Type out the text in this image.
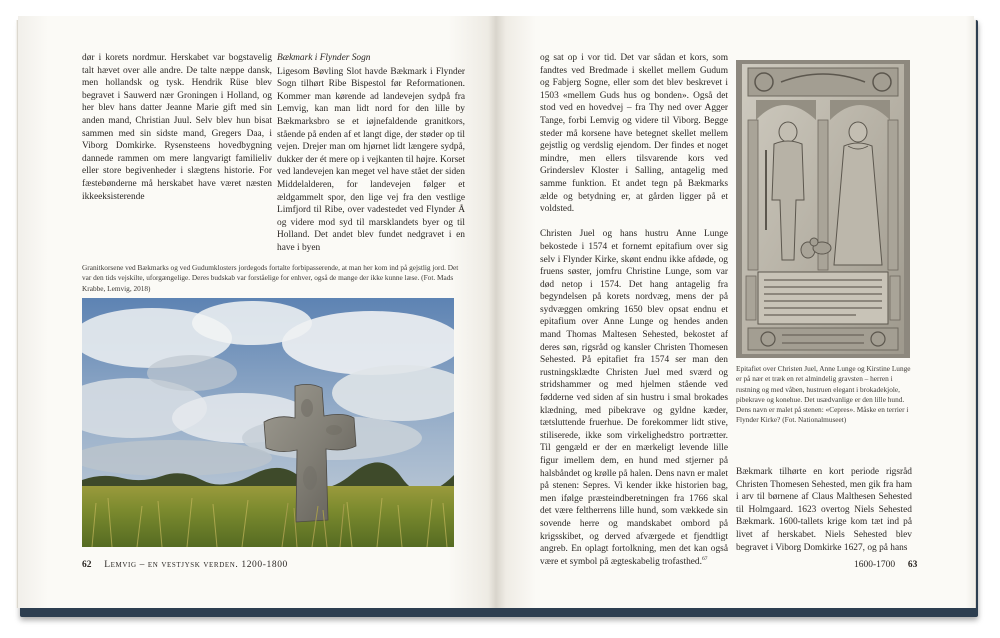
dør i korets nordmur. Herskabet var bogstavelig talt hævet over alle andre. De talte næppe dansk, men hollandsk og tysk. Hendrik Rüse blev begravet i Sauwerd nær Groningen i Holland, og her blev hans datter Jeanne Marie gift med sin anden mand, Christian Juul. Selv blev hun bisat sammen med sin sidste mand, Gregers Daa, i Viborg Domkirke. Rysensteens hovedbygning dannede rammen om mere langvarigt familieliv eller store begivenheder i slægtens historie. For fæstebønderne må herskabet have været næsten ikkeeksisterende

Bækmark i Flynder Sogn
Ligesom Bøvling Slot havde Bækmark i Flynder Sogn tilhørt Ribe Bispestol før Reformationen. Kommer man kørende ad landevejen sydpå fra Lemvig, kan man lidt nord for den lille by Bækmarksbro se et iøjnefaldende granitkors, stående på enden af et langt dige, der støder op til vejen. Drejer man om hjørnet lidt længere sydpå, dukker der ét mere op i vejkanten til højre. Korset ved landevejen kan meget vel have stået der siden Middelalderen, for landevejen følger et ældgammelt spor, den lige vej fra den vestlige Limfjord til Ribe, over vadestedet ved Flynder Å og videre mod syd til marsklandets byer og til Holland. Det andet blev fundet nedgravet i en have i byen

Granitkorsene ved Bækmarks og ved Gudumklosters jordegods fortalte forbipasserende, at man her kom ind på gejstlig jord. Det var den tids vejskilte, uforgængelige. Deres budskab var forståelige for enhver, også de mange der ikke kunne læse. (Fot. Mads Krabbe, Lemvig, 2018)

62 Lemvig – en vestjysk verden. 1200-1800

og sat op i vor tid. Det var sådan et kors, som fandtes ved Bredmade i skellet mellem Gudum og Fabjerg Sogne, eller som det blev beskrevet i 1503 «mellem Guds hus og bonden». Også det stod ved en hovedvej – fra Thy ned over Agger Tange, forbi Lemvig og videre til Viborg. Begge steder må korsene have betegnet skellet mellem gejstlig og verdslig ejendom. Der findes et noget mindre, men ellers tilsvarende kors ved Grinderslev Kloster i Salling, antagelig med samme funktion. Et andet tegn på Bækmarks ælde og betydning er, at gården ligger på et voldsted.

Christen Juel og hans hustru Anne Lunge bekostede i 1574 et fornemt epitafium over sig selv i Flynder Kirke, skønt endnu ikke afdøde, og fruens søster, jomfru Christine Lunge, som var død netop i 1574. Det hang antagelig fra begyndelsen på korets nordvæg, mens der på sydvæggen omkring 1650 blev opsat endnu et epitafium over Anne Lunge og hendes anden mand Thomas Maltesen Sehested, bekostet af deres søn, rigsråd og kansler Christen Thomesen Sehested. På epitafiet fra 1574 ser man den rustningsklædte Christen Juel med sværd og stridshammer og med hjelmen stående ved fødderne ved siden af sin hustru i smal brokades klædning, med pibekrave og gyldne kæder, tætsluttende fruerhue. De forekommer lidt stive, stiliserede, ikke som virkelighedstro portrætter. Til gengæld er der en mærkeligt levende lille figur imellem dem, en hund med stjerner på halsbåndet og krølle på halen. Dens navn er malet på stenen: Sepres. Vi kender ikke historien bag, men ifølge præsteindberetningen fra 1766 skal det være feltherrens lille hund, som vækkede sin sovende herre og mandskabet ombord på krigsskibet, og derved afværgede et fjendtligt angreb. En oplagt fortolkning, men det kan også være et symbol på ægteskabelig trofasthed.$^{67}$

Epitafiet over Christen Juel, Anne Lunge og Kirstine Lunge er på nær et træk en ret almindelig gravsten – herren i rustning og med våben, hustruen elegant i brokadekjole, pibekrave og konehue. Det usædvanlige er den lille hund. Dens navn er malet på stenen: «Cepres». Måske en terrier i Flynder Kirke? (Fot. Nationalmuseet)

Bækmark tilhørte en kort periode rigsråd Christen Thomesen Sehested, men gik fra ham i arv til børnene af Claus Malthesen Sehested til Holmgaard. 1623 overtog Niels Sehested Bækmark. 1600-tallets krige kom tæt ind på livet af herskabet. Niels Sehested blev begravet i Viborg Domkirke 1627, og på hans

1600-1700 63
